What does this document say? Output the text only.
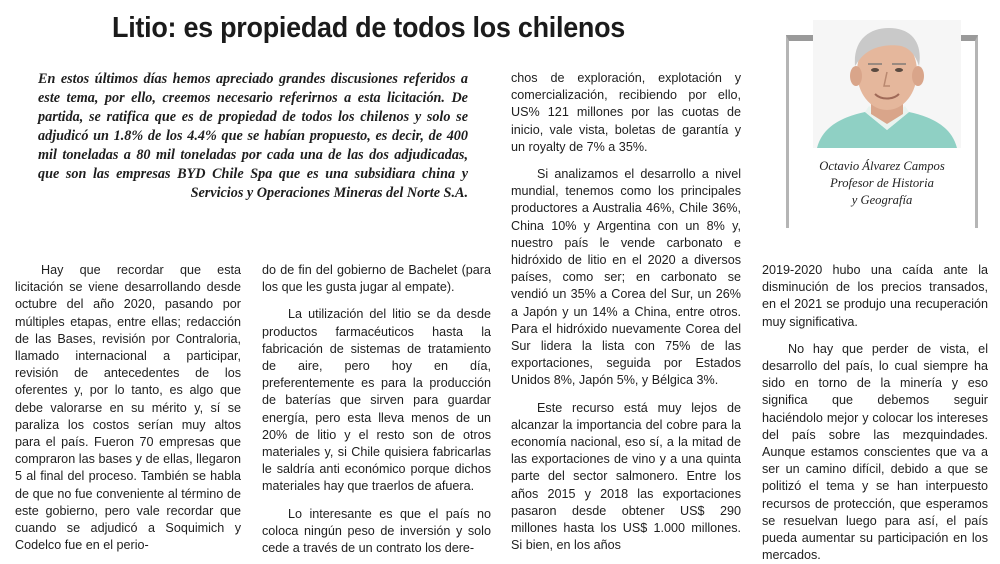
Litio: es propiedad de todos los chilenos
En estos últimos días hemos apreciado grandes discusiones referidos a este tema, por ello, creemos necesario referirnos a esta licitación. De partida, se ratifica que es de propiedad de todos los chilenos y solo se adjudicó un 1.8% de los 4.4% que se habían propuesto, es decir, de 400 mil toneladas a 80 mil toneladas por cada una de las dos adjudicadas, que son las empresas BYD Chile Spa que es una subsidiara china y Servicios y Operaciones Mineras del Norte S.A.
Octavio Álvarez Campos
Profesor de Historia
y Geografía

Hay que recordar que esta licitación se viene desarrollando desde octubre del año 2020, pasando por múltiples etapas, entre ellas; redacción de las Bases, revisión por Contraloria, llamado internacional a participar, revisión de antecedentes de los oferentes y, por lo tanto, es algo que debe valorarse en su mérito y, sí se paraliza los costos serían muy altos para el país. Fueron 70 empresas que compraron las bases y de ellas, llegaron 5 al final del proceso. También se habla de que no fue conveniente al término de este gobierno, pero vale recordar que cuando se adjudicó a Soquimich y Codelco fue en el perio-

do de fin del gobierno de Bachelet (para los que les gusta jugar al empate).

La utilización del litio se da desde productos farmacéuticos hasta la fabricación de sistemas de tratamiento de aire, pero hoy en día, preferentemente es para la producción de baterías que sirven para guardar energía, pero esta lleva menos de un 20% de litio y el resto son de otros materiales y, si Chile quisiera fabricarlas le saldría anti económico porque dichos materiales hay que traerlos de afuera.

Lo interesante es que el país no coloca ningún peso de inversión y solo cede a través de un contrato los dere-

chos de exploración, explotación y comercialización, recibiendo por ello, US% 121 millones por las cuotas de inicio, vale vista, boletas de garantía y un royalty de 7% a 35%.

Si analizamos el desarrollo a nivel mundial, tenemos como los principales productores a Australia 46%, Chile 36%, China 10% y Argentina con un 8% y, nuestro país le vende carbonato e hidróxido de litio en el 2020 a diversos países, como ser; en carbonato se vendió un 35% a Corea del Sur, un 26% a Japón y un 14% a China, entre otros. Para el hidróxido nuevamente Corea del Sur lidera la lista con 75% de las exportaciones, seguida por Estados Unidos 8%, Japón 5%, y Bélgica 3%.

Este recurso está muy lejos de alcanzar la importancia del cobre para la economía nacional, eso sí, a la mitad de las exportaciones de vino y a una quinta parte del sector salmonero. Entre los años 2015 y 2018 las exportaciones pasaron desde obtener US$ 290 millones hasta los US$ 1.000 millones. Si bien, en los años

2019-2020 hubo una caída ante la disminución de los precios transados, en el 2021 se produjo una recuperación muy significativa.

No hay que perder de vista, el desarrollo del país, lo cual siempre ha sido en torno de la minería y eso significa que debemos seguir haciéndolo mejor y colocar los intereses del país sobre las mezquindades. Aunque estamos conscientes que va a ser un camino difícil, debido a que se politizó el tema y se han interpuesto recursos de protección, que esperamos se resuelvan luego para así, el país pueda aumentar su participación en los mercados.
